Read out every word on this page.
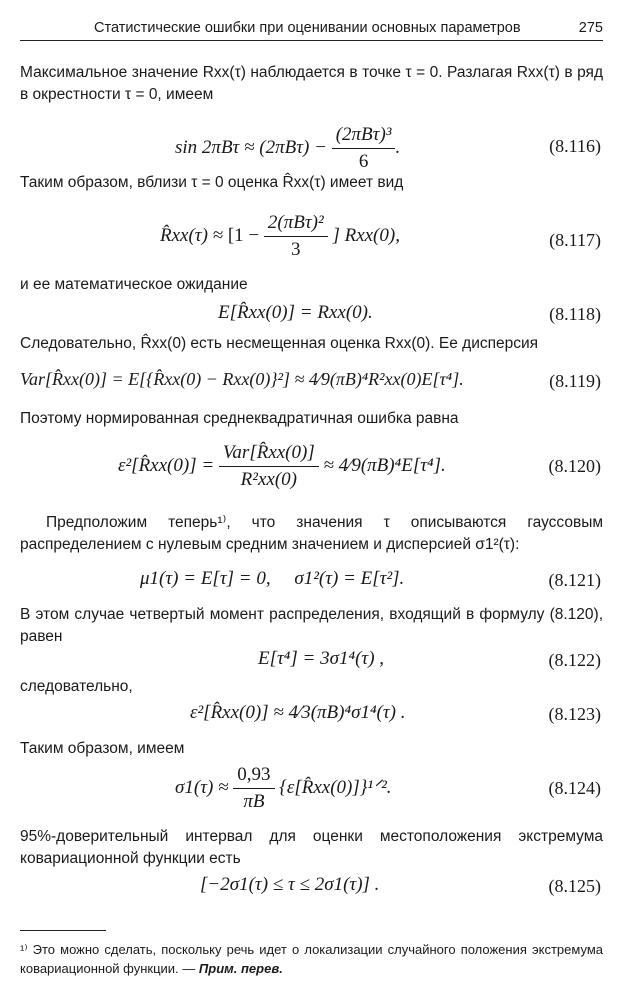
Статистические ошибки при оценивании основных параметров	275
Максимальное значение Rxx(τ) наблюдается в точке τ = 0. Разлагая Rxx(τ) в ряд в окрестности τ = 0, имеем
$\sin 2\pi B\tau \approx (2\pi B\tau) - \frac{\text{(2πBτ)³}}{6}$ .	(8.116)
Таким образом, вблизи τ = 0 оценка R̂xx(τ) имеет вид
R̂xx(τ) ≈ [$1 - \frac{\text{2(πBτ)²}}{3}$ ] Rxx(0),	(8.117)
и ее математическое ожидание
E[R̂xx(0)] = Rxx(0).	(8.118)
Следовательно, R̂xx(0) есть несмещенная оценка Rxx(0). Ее дисперсия
Var[R̂xx(0)] = E[{R̂xx(0) − Rxx(0)}²] ≈ 4⁄9(πB)⁴R²xx(0)E[τ⁴].	(8.119)
Поэтому нормированная среднеквадратичная ошибка равна
ε²[R̂xx(0)] = $\frac{\text{Var[R̂xx(0)]}}{\text{R²xx(0)}}$ ≈ 4⁄9(πB)⁴E[τ⁴].	(8.120)
Предположим теперь¹⁾, что значения τ описываются гауссовым распределением с нулевым средним значением и дисперсией σ1²(τ):
μ1(τ) = E[τ] = 0,     σ1²(τ) = E[τ²].	(8.121)
В этом случае четвертый момент распределения, входящий в формулу (8.120), равен
E[τ⁴] = 3σ1⁴(τ) ,	(8.122)
следовательно,
ε²[R̂xx(0)] ≈ 4⁄3(πB)⁴σ1⁴(τ) .	(8.123)
Таким образом, имеем
$\sigma 1(\tau) \approx \frac{0,93}{\pi B}$ {ε[R̂xx(0)]}¹ᐟ².	(8.124)
95%-доверительный интервал для оценки местоположения экстремума ковариационной функции есть
[−2σ1(τ) ≤ τ ≤ 2σ1(τ)] .	(8.125)
¹⁾ Это можно сделать, поскольку речь идет о локализации случайного положения экстремума ковариационной функции. — Прим. перев.
